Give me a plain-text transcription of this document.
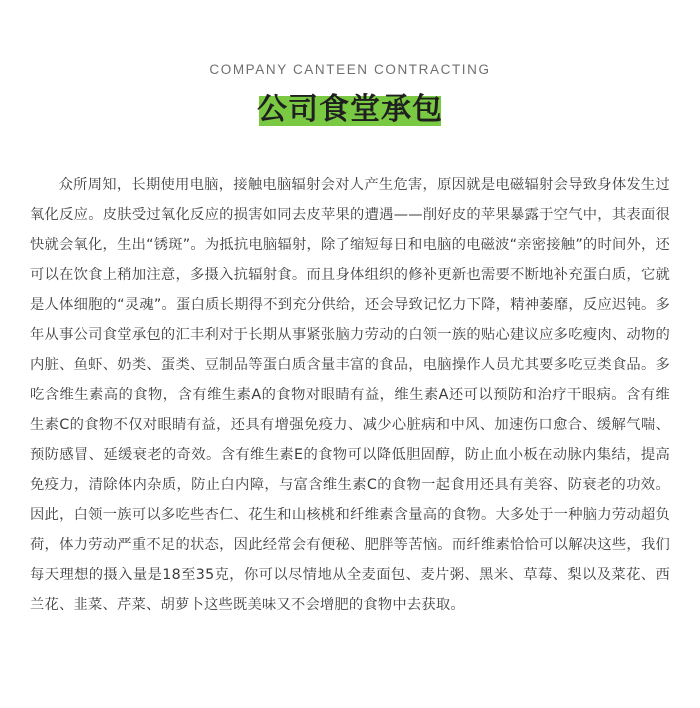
COMPANY CANTEEN CONTRACTING
公司食堂承包

众所周知，长期使用电脑，接触电脑辐射会对人产生危害，原因就是电磁辐射会导致身体发生过氧化反应。皮肤受过氧化反应的损害如同去皮苹果的遭遇——削好皮的苹果暴露于空气中，其表面很快就会氧化，生出“锈斑”。为抵抗电脑辐射，除了缩短每日和电脑的电磁波“亲密接触”的时间外，还可以在饮食上稍加注意，多摄入抗辐射食。而且身体组织的修补更新也需要不断地补充蛋白质，它就是人体细胞的“灵魂”。蛋白质长期得不到充分供给，还会导致记忆力下降，精神萎靡，反应迟钝。多年从事公司食堂承包的汇丰利对于长期从事紧张脑力劳动的白领一族的贴心建议应多吃瘦肉、动物的内脏、鱼虾、奶类、蛋类、豆制品等蛋白质含量丰富的食品，电脑操作人员尤其要多吃豆类食品。多吃含维生素高的食物，含有维生素A的食物对眼睛有益，维生素A还可以预防和治疗干眼病。含有维生素C的食物不仅对眼睛有益，还具有增强免疫力、减少心脏病和中风、加速伤口愈合、缓解气喘、预防感冒、延缓衰老的奇效。含有维生素E的食物可以降低胆固醇，防止血小板在动脉内集结，提高免疫力，清除体内杂质，防止白内障，与富含维生素C的食物一起食用还具有美容、防衰老的功效。因此，白领一族可以多吃些杏仁、花生和山核桃和纤维素含量高的食物。大多处于一种脑力劳动超负荷，体力劳动严重不足的状态，因此经常会有便秘、肥胖等苦恼。而纤维素恰恰可以解决这些，我们每天理想的摄入量是18至35克，你可以尽情地从全麦面包、麦片粥、黑米、草莓、梨以及菜花、西兰花、韭菜、芹菜、胡萝卜这些既美味又不会增肥的食物中去获取。
